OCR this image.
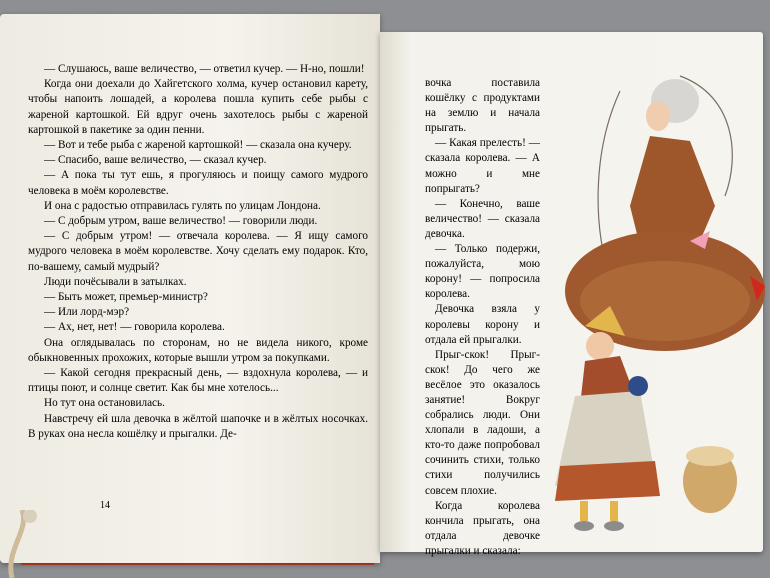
— Слушаюсь, ваше величество, — ответил кучер. — Н-но, пошли!

Когда они доехали до Хайгетского холма, кучер остановил карету, чтобы напоить лошадей, а королева пошла купить себе рыбы с жареной картошкой. Ей вдруг очень захотелось рыбы с жареной картошкой в пакетике за один пенни.

— Вот и тебе рыба с жареной картошкой! — сказала она кучеру.

— Спасибо, ваше величество, — сказал кучер.

— А пока ты тут ешь, я прогуляюсь и поищу самого мудрого человека в моём королевстве.

И она с радостью отправилась гулять по улицам Лондона.

— С добрым утром, ваше величество! — говорили люди.

— С добрым утром! — отвечала королева. — Я ищу самого мудрого человека в моём королевстве. Хочу сделать ему подарок. Кто, по-вашему, самый мудрый?

Люди почёсывали в затылках.

— Быть может, премьер-министр?

— Или лорд-мэр?

— Ах, нет, нет! — говорила королева.

Она оглядывалась по сторонам, но не видела никого, кроме обыкновенных прохожих, которые вышли утром за покупками.

— Какой сегодня прекрасный день, — вздохнула королева, — и птицы поют, и солнце светит. Как бы мне хотелось...

Но тут она остановилась.

Навстречу ей шла девочка в жёлтой шапочке и в жёлтых носочках. В руках она несла кошёлку и прыгалки. Де-

14

вочка поставила кошёлку с продуктами на землю и начала прыгать.

— Какая прелесть! — сказала королева. — А можно и мне попрыгать?

— Конечно, ваше величество! — сказала девочка.

— Только подержи, пожалуйста, мою корону! — попросила королева.

Девочка взяла у королевы корону и отдала ей прыгалки.

Прыг-скок! Прыг-скок! До чего же весёлое это оказалось занятие! Вокруг собрались люди. Они хлопали в ладоши, а кто-то даже попробовал сочинить стихи, только стихи получились совсем плохие.

Когда королева кончила прыгать, она отдала девочке прыгалки и сказала:
